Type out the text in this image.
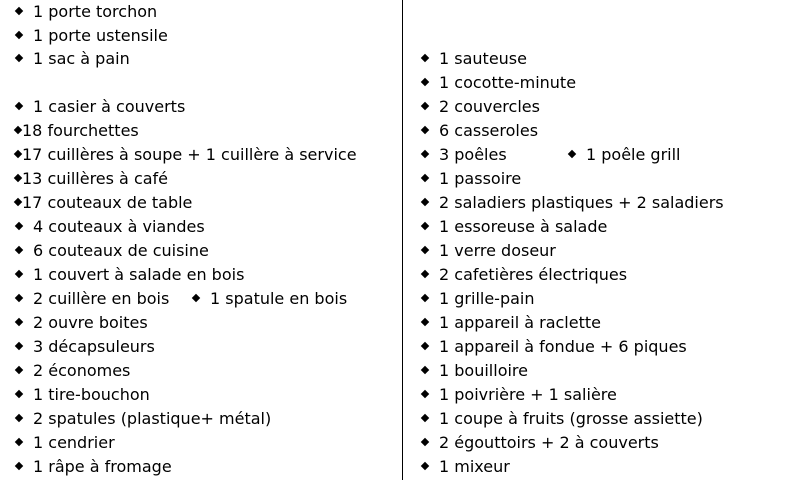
1 porte torchon
1 porte ustensile
1 sac à pain
1 casier à couverts
18 fourchettes
17 cuillères à soupe + 1 cuillère à service
13 cuillères à café
17 couteaux de table
4 couteaux à viandes
6 couteaux de cuisine
1 couvert à salade en bois
2 cuillère en bois	1 spatule en bois
2 ouvre boites
3 décapsuleurs
2 économes
1 tire-bouchon
2 spatules (plastique+ métal)
1 cendrier
1 râpe à fromage
1 sauteuse
1 cocotte-minute
2 couvercles
6 casseroles
3 poêles	1 poêle grill
1 passoire
2 saladiers plastiques + 2 saladiers
1 essoreuse à salade
1 verre doseur
2 cafetières électriques
1 grille-pain
1 appareil à raclette
1 appareil à fondue + 6 piques
1 bouilloire
1 poivrière + 1 salière
1 coupe à fruits (grosse assiette)
2 égouttoirs + 2 à couverts
1 mixeur
